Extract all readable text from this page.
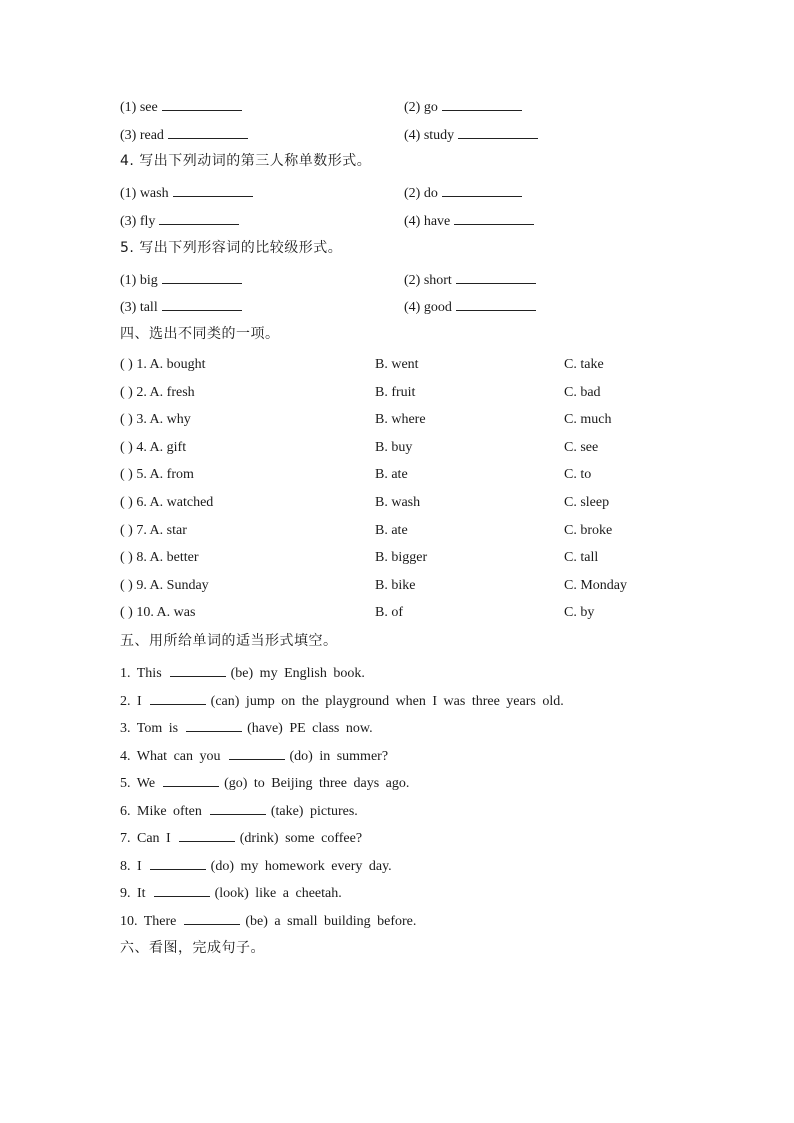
(1) see	(2) go
(3) read	(4) study
4. 写出下列动词的第三人称单数形式。
(1) wash	(2) do
(3) fly	(4) have
5. 写出下列形容词的比较级形式。
(1) big	(2) short
(3) tall	(4) good
四、选出不同类的一项。
( ) 1. A. bought	B. went	C. take
( ) 2. A. fresh	B. fruit	C. bad
( ) 3. A. why	B. where	C. much
( ) 4. A. gift	B. buy	C. see
( ) 5. A. from	B. ate	C. to
( ) 6. A. watched	B. wash	C. sleep
( ) 7. A. star	B. ate	C. broke
( ) 8. A. better	B. bigger	C. tall
( ) 9. A. Sunday	B. bike	C. Monday
( ) 10. A. was	B. of	C. by
五、用所给单词的适当形式填空。
1. This	(be) my English book.
2. I	(can) jump on the playground when I was three years old.
3. Tom is	(have) PE class now.
4. What can you	(do) in summer?
5. We	(go) to Beijing three days ago.
6. Mike often	(take) pictures.
7. Can I	(drink) some coffee?
8. I	(do) my homework every day.
9. It	(look) like a cheetah.
10. There	(be) a small building before.
六、看图，完成句子。
